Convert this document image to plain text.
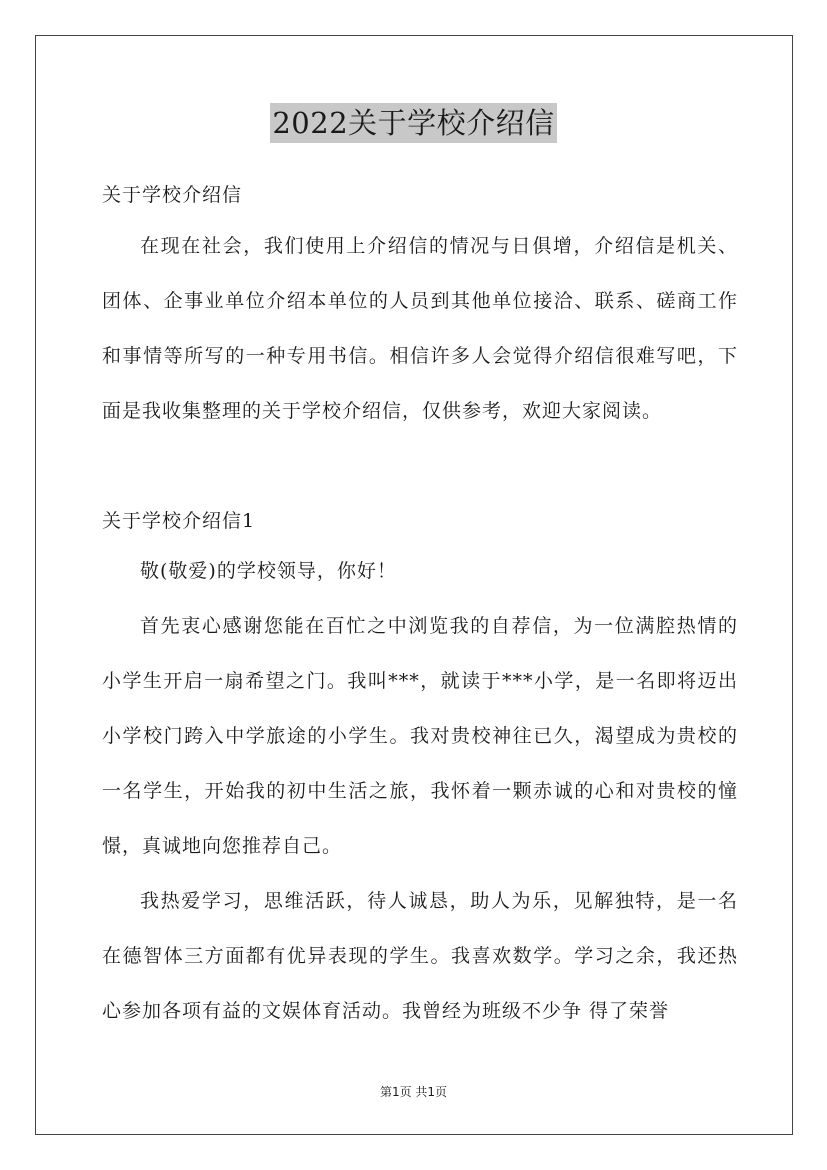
2022关于学校介绍信
关于学校介绍信

在现在社会，我们使用上介绍信的情况与日俱增，介绍信是机关、团体、企事业单位介绍本单位的人员到其他单位接洽、联系、磋商工作和事情等所写的一种专用书信。相信许多人会觉得介绍信很难写吧，下面是我收集整理的关于学校介绍信，仅供参考，欢迎大家阅读。

关于学校介绍信1

敬(敬爱)的学校领导，你好！

首先衷心感谢您能在百忙之中浏览我的自荐信，为一位满腔热情的小学生开启一扇希望之门。我叫***，就读于***小学，是一名即将迈出小学校门跨入中学旅途的小学生。我对贵校神往已久，渴望成为贵校的一名学生，开始我的初中生活之旅，我怀着一颗赤诚的心和对贵校的憧憬，真诚地向您推荐自己。

我热爱学习，思维活跃，待人诚恳，助人为乐，见解独特，是一名在德智体三方面都有优异表现的学生。我喜欢数学。学习之余，我还热心参加各项有益的文娱体育活动。我曾经为班级不少争 得了荣誉

第1页 共1页
